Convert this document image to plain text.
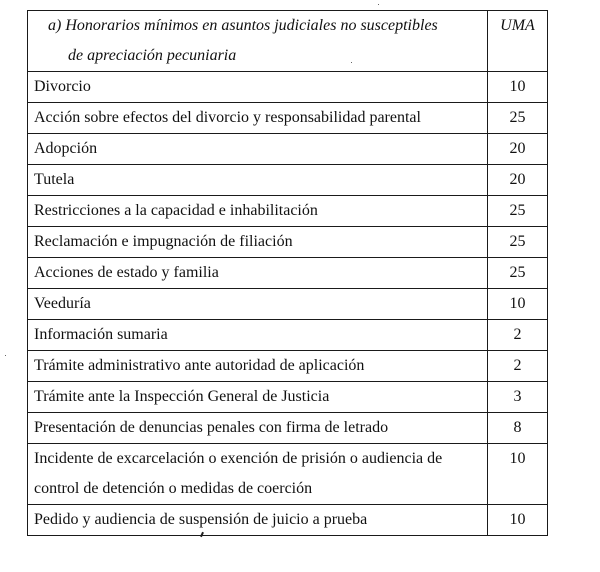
a) Honorarios mínimos en asuntos judiciales no susceptibles
de apreciación pecuniaria	UMA
Divorcio	10
Acción sobre efectos del divorcio y responsabilidad parental	25
Adopción	20
Tutela	20
Restricciones a la capacidad e inhabilitación	25
Reclamación e impugnación de filiación	25
Acciones de estado y familia	25
Veeduría	10
Información sumaria	2
Trámite administrativo ante autoridad de aplicación	2
Trámite ante la Inspección General de Justicia	3
Presentación de denuncias penales con firma de letrado	8
Incidente de excarcelación o exención de prisión o audiencia de control de detención o medidas de coerción	10
Pedido y audiencia de suspensión de juicio a prueba	10
